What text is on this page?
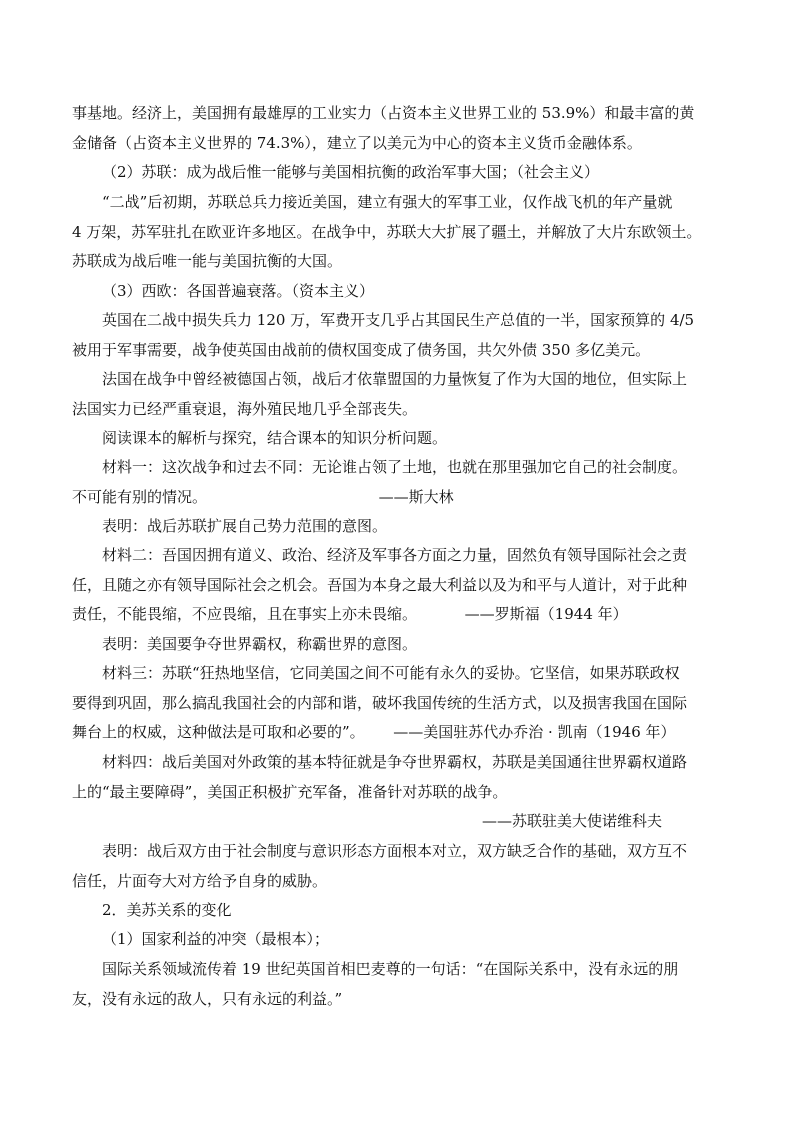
事基地。经济上，美国拥有最雄厚的工业实力（占资本主义世界工业的 53.9%）和最丰富的黄
金储备（占资本主义世界的 74.3%），建立了以美元为中心的资本主义货币金融体系。
（2）苏联：成为战后惟一能够与美国相抗衡的政治军事大国；（社会主义）
“二战”后初期，苏联总兵力接近美国，建立有强大的军事工业，仅作战飞机的年产量就
4 万架，苏军驻扎在欧亚许多地区。在战争中，苏联大大扩展了疆土，并解放了大片东欧领土。
苏联成为战后唯一能与美国抗衡的大国。
（3）西欧：各国普遍衰落。（资本主义）
英国在二战中损失兵力 120 万，军费开支几乎占其国民生产总值的一半，国家预算的 4/5
被用于军事需要，战争使英国由战前的债权国变成了债务国，共欠外债 350 多亿美元。
法国在战争中曾经被德国占领，战后才依靠盟国的力量恢复了作为大国的地位，但实际上
法国实力已经严重衰退，海外殖民地几乎全部丧失。
阅读课本的解析与探究，结合课本的知识分析问题。
材料一：这次战争和过去不同：无论谁占领了土地，也就在那里强加它自己的社会制度。
不可能有别的情况。                                    ——斯大林
表明：战后苏联扩展自己势力范围的意图。
材料二：吾国因拥有道义、政治、经济及军事各方面之力量，固然负有领导国际社会之责
任，且随之亦有领导国际社会之机会。吾国为本身之最大利益以及为和平与人道计，对于此种
责任，不能畏缩，不应畏缩，且在事实上亦未畏缩。          ——罗斯福（1944 年）
表明：美国要争夺世界霸权，称霸世界的意图。
材料三：苏联“狂热地坚信，它同美国之间不可能有永久的妥协。它坚信，如果苏联政权
要得到巩固，那么搞乱我国社会的内部和谐，破坏我国传统的生活方式，以及损害我国在国际
舞台上的权威，这种做法是可取和必要的”。      ——美国驻苏代办乔治 · 凯南（1946 年）
材料四：战后美国对外政策的基本特征就是争夺世界霸权，苏联是美国通往世界霸权道路
上的“最主要障碍”，美国正积极扩充军备，准备针对苏联的战争。
——苏联驻美大使诺维科夫
表明：战后双方由于社会制度与意识形态方面根本对立，双方缺乏合作的基础，双方互不
信任，片面夸大对方给予自身的威胁。
2．美苏关系的变化
（1）国家利益的冲突（最根本）；
国际关系领域流传着 19 世纪英国首相巴麦尊的一句话：“在国际关系中，没有永远的朋
友，没有永远的敌人，只有永远的利益。”
